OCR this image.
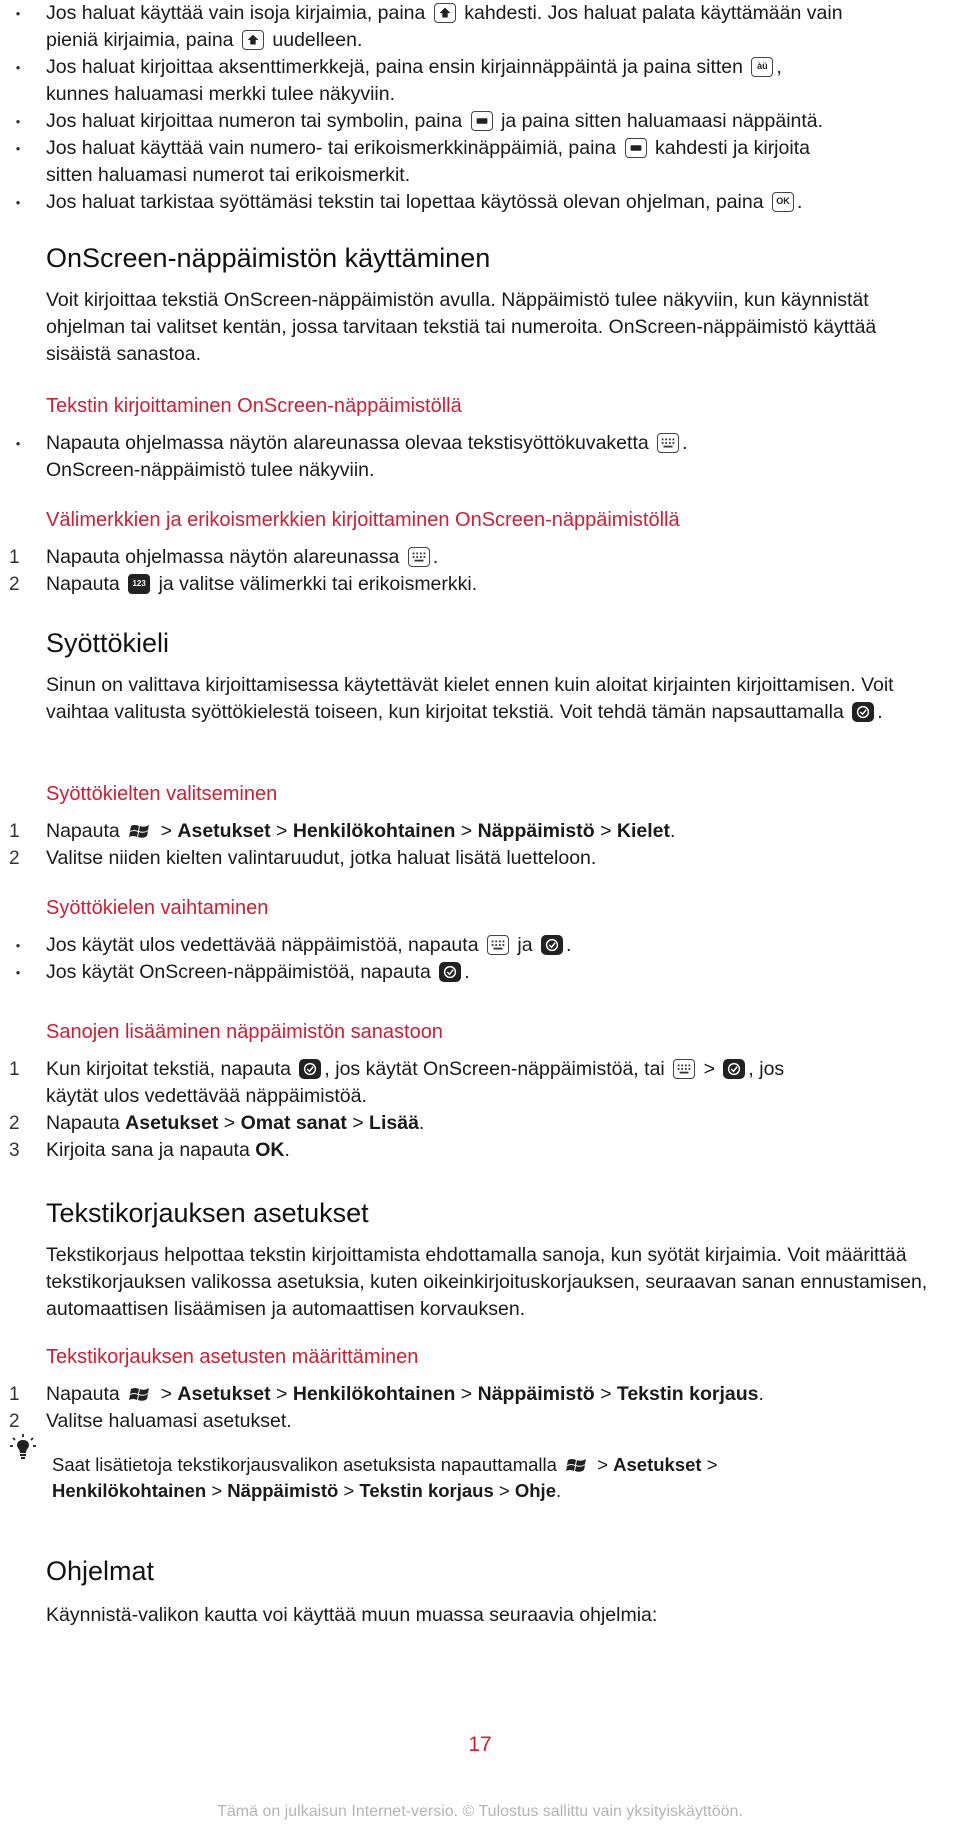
• Jos haluat käyttää vain isoja kirjaimia, paina kahdesti. Jos haluat palata käyttämään vain
pieniä kirjaimia, paina uudelleen.
• Jos haluat kirjoittaa aksenttimerkkejä, paina ensin kirjainnäppäintä ja paina sitten	àü ,
kunnes haluamasi merkki tulee näkyviin.
• Jos haluat kirjoittaa numeron tai symbolin, paina ja paina sitten haluamaasi näppäintä.
• Jos haluat käyttää vain numero- tai erikoismerkkinäppäimiä, paina kahdesti ja kirjoita
sitten haluamasi numerot tai erikoismerkit.
• Jos haluat tarkistaa syöttämäsi tekstin tai lopettaa käytössä olevan ohjelman, paina	OK .
OnScreen-näppäimistön käyttäminen

Voit kirjoittaa tekstiä OnScreen-näppäimistön avulla. Näppäimistö tulee näkyviin, kun käynnistät ohjelman tai valitset kentän, jossa tarvitaan tekstiä tai numeroita. OnScreen-näppäimistö käyttää sisäistä sanastoa.

Tekstin kirjoittaminen OnScreen-näppäimistöllä
• Napauta ohjelmassa näytön alareunassa olevaa tekstisyöttökuvaketta .
OnScreen-näppäimistö tulee näkyviin.
Välimerkkien ja erikoismerkkien kirjoittaminen OnScreen-näppäimistöllä
1 Napauta ohjelmassa näytön alareunassa .
2 Napauta	123 ja valitse välimerkki tai erikoismerkki.
Syöttökieli

Sinun on valittava kirjoittamisessa käytettävät kielet ennen kuin aloitat kirjainten kirjoittamisen. Voit vaihtaa valitusta syöttökielestä toiseen, kun kirjoitat tekstiä. Voit tehdä tämän napsauttamalla .

Syöttökielten valitseminen
1 Napauta > Asetukset > Henkilökohtainen > Näppäimistö > Kielet.
2 Valitse niiden kielten valintaruudut, jotka haluat lisätä luetteloon.
Syöttökielen vaihtaminen
• Jos käytät ulos vedettävää näppäimistöä, napauta ja .
• Jos käytät OnScreen-näppäimistöä, napauta .
Sanojen lisääminen näppäimistön sanastoon
1 Kun kirjoitat tekstiä, napauta , jos käytät OnScreen-näppäimistöä, tai > , jos
käytät ulos vedettävää näppäimistöä.
2 Napauta Asetukset > Omat sanat > Lisää.
3 Kirjoita sana ja napauta OK.
Tekstikorjauksen asetukset

Tekstikorjaus helpottaa tekstin kirjoittamista ehdottamalla sanoja, kun syötät kirjaimia. Voit määrittää tekstikorjauksen valikossa asetuksia, kuten oikeinkirjoituskorjauksen, seuraavan sanan ennustamisen, automaattisen lisäämisen ja automaattisen korvauksen.

Tekstikorjauksen asetusten määrittäminen
1 Napauta > Asetukset > Henkilökohtainen > Näppäimistö > Tekstin korjaus.
2 Valitse haluamasi asetukset.
Saat lisätietoja tekstikorjausvalikon asetuksista napauttamalla > Asetukset >
Henkilökohtainen > Näppäimistö > Tekstin korjaus > Ohje.
Ohjelmat

Käynnistä-valikon kautta voi käyttää muun muassa seuraavia ohjelmia:

17
Tämä on julkaisun Internet-versio. © Tulostus sallittu vain yksityiskäyttöön.
